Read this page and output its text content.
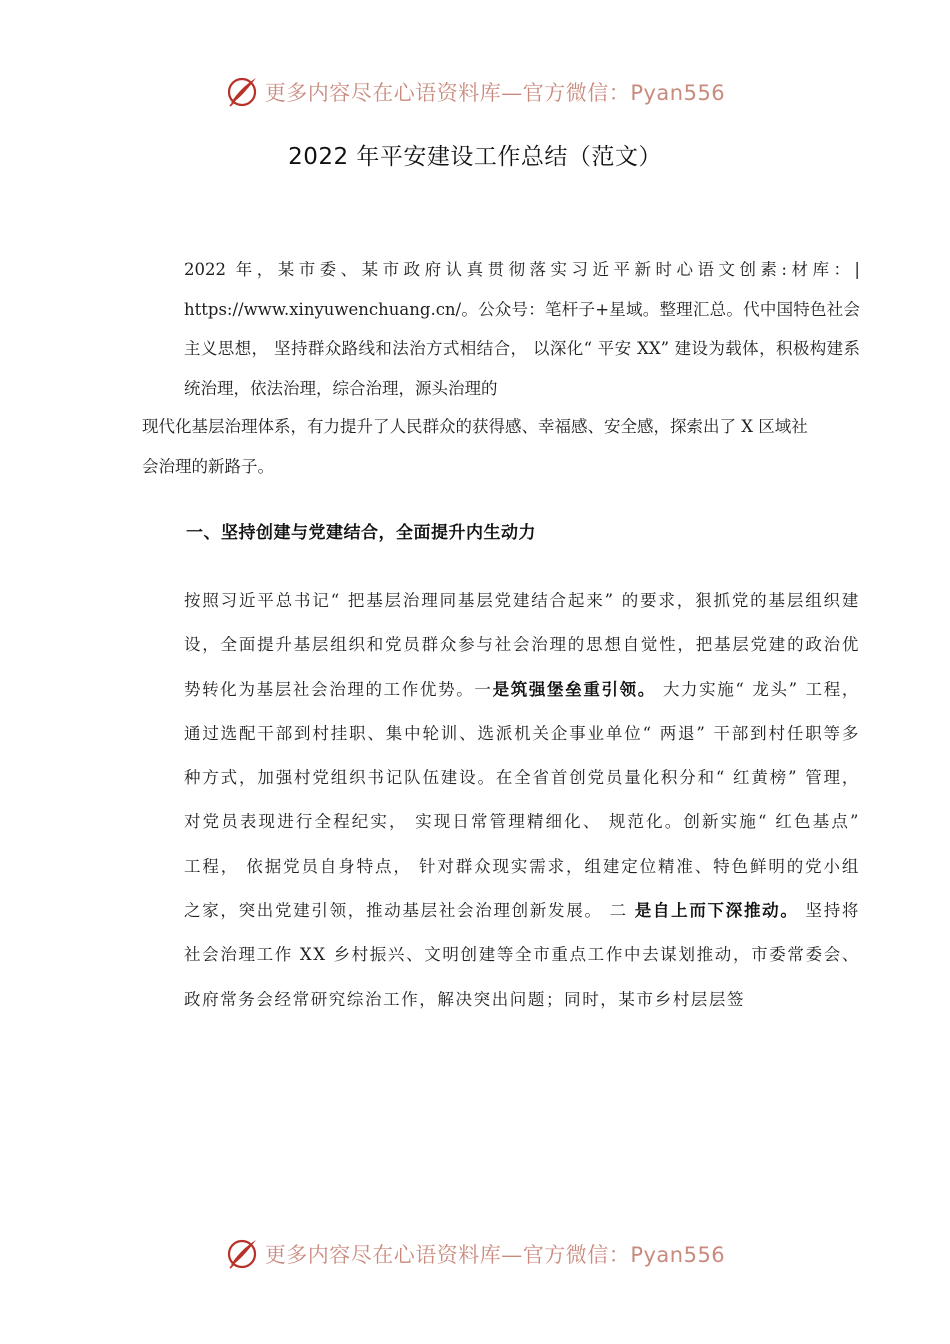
更多内容尽在心语资料库—官方微信：Pyan556
2022 年平安建设工作总结（范文）

2022 年，某市委、某市政府认真贯彻落实习近平新时心语文创素:材库：| https://www.xinyuwenchuang.cn/。公众号：笔杆子+星域。整理汇总。代中国特色社会主义思想， 坚持群众路线和法治方式相结合， 以深化“ 平安 XX” 建设为载体，积极构建系统治理，依法治理，综合治理，源头治理的

现代化基层治理体系，有力提升了人民群众的获得感、幸福感、安全感，探索出了 X 区域社会治理的新路子。

一、坚持创建与党建结合，全面提升内生动力

按照习近平总书记“ 把基层治理同基层党建结合起来” 的要求，狠抓党的基层组织建设，全面提升基层组织和党员群众参与社会治理的思想自觉性，把基层党建的政治优势转化为基层社会治理的工作优势。一是筑强堡垒重引领。 大力实施“ 龙头” 工程， 通过选配干部到村挂职、集中轮训、选派机关企事业单位“ 两退” 干部到村任职等多种方式，加强村党组织书记队伍建设。在全省首创党员量化积分和“ 红黄榜” 管理， 对党员表现进行全程纪实， 实现日常管理精细化、 规范化。创新实施“ 红色基点” 工程， 依据党员自身特点， 针对群众现实需求，组建定位精准、特色鲜明的党小组之家，突出党建引领，推动基层社会治理创新发展。 二 是自上而下深推动。 坚持将社会治理工作 XX 乡村振兴、文明创建等全市重点工作中去谋划推动，市委常委会、政府常务会经常研究综治工作，解决突出问题；同时，某市乡村层层签

更多内容尽在心语资料库—官方微信：Pyan556
